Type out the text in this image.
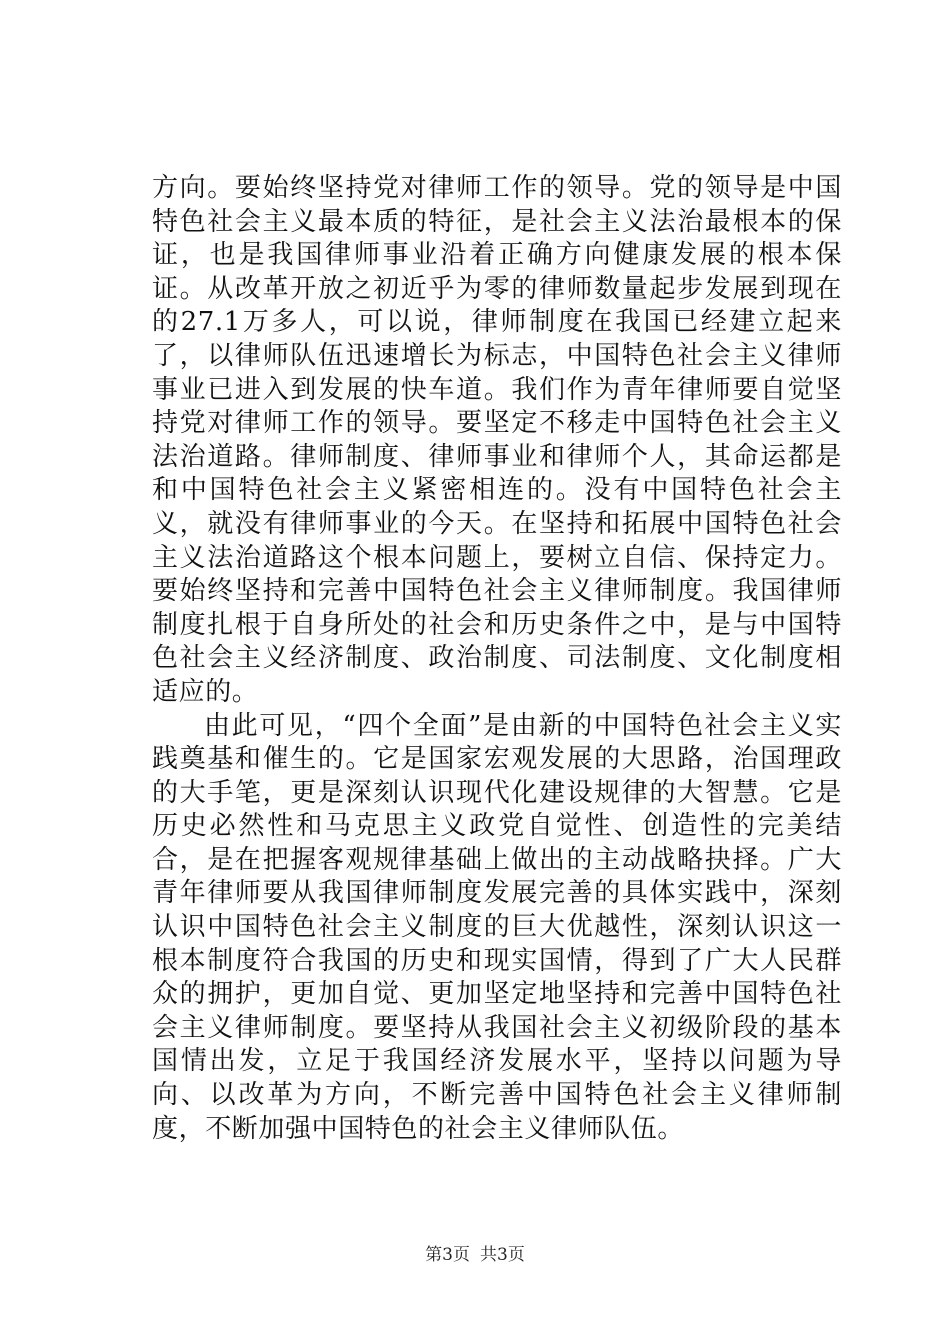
方向。要始终坚持党对律师工作的领导。党的领导是中国特色社会主义最本质的特征，是社会主义法治最根本的保证，也是我国律师事业沿着正确方向健康发展的根本保证。从改革开放之初近乎为零的律师数量起步发展到现在的27.1万多人，可以说，律师制度在我国已经建立起来了，以律师队伍迅速增长为标志，中国特色社会主义律师事业已进入到发展的快车道。我们作为青年律师要自觉坚持党对律师工作的领导。要坚定不移走中国特色社会主义法治道路。律师制度、律师事业和律师个人，其命运都是和中国特色社会主义紧密相连的。没有中国特色社会主义，就没有律师事业的今天。在坚持和拓展中国特色社会主义法治道路这个根本问题上，要树立自信、保持定力。要始终坚持和完善中国特色社会主义律师制度。我国律师制度扎根于自身所处的社会和历史条件之中，是与中国特色社会主义经济制度、政治制度、司法制度、文化制度相适应的。

由此可见，“四个全面”是由新的中国特色社会主义实践奠基和催生的。它是国家宏观发展的大思路，治国理政的大手笔，更是深刻认识现代化建设规律的大智慧。它是历史必然性和马克思主义政党自觉性、创造性的完美结合，是在把握客观规律基础上做出的主动战略抉择。广大青年律师要从我国律师制度发展完善的具体实践中，深刻认识中国特色社会主义制度的巨大优越性，深刻认识这一根本制度符合我国的历史和现实国情，得到了广大人民群众的拥护，更加自觉、更加坚定地坚持和完善中国特色社会主义律师制度。要坚持从我国社会主义初级阶段的基本国情出发，立足于我国经济发展水平，坚持以问题为导向、以改革为方向，不断完善中国特色社会主义律师制度，不断加强中国特色的社会主义律师队伍。

第3页 共3页
